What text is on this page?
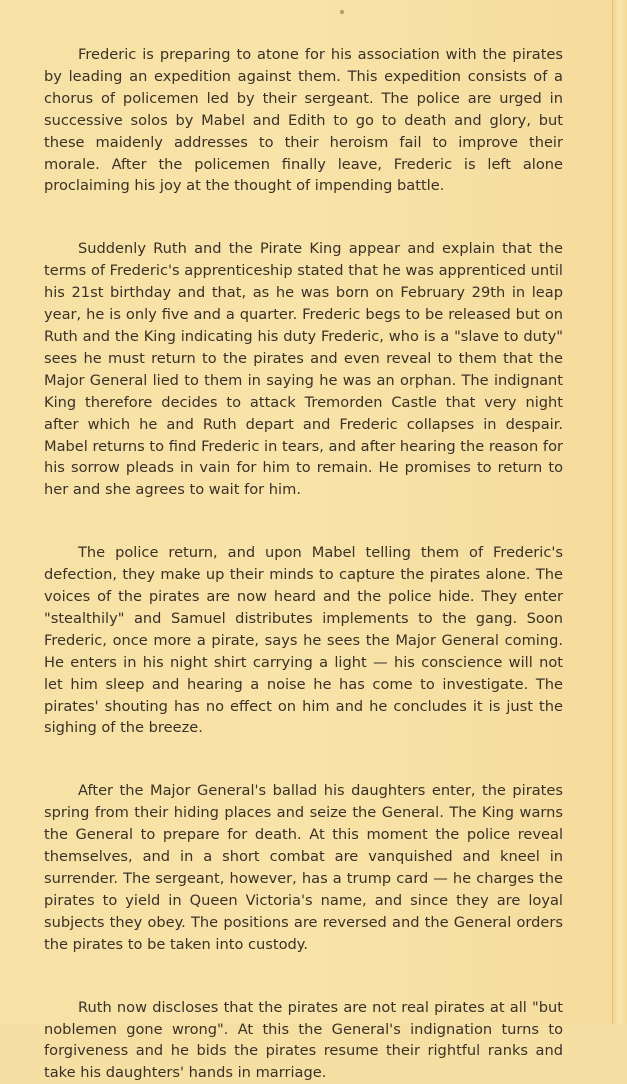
Frederic is preparing to atone for his association with the pirates by leading an expedition against them. This expedition consists of a chorus of policemen led by their sergeant. The police are urged in successive solos by Mabel and Edith to go to death and glory, but these maidenly addresses to their heroism fail to improve their morale. After the policemen finally leave, Frederic is left alone proclaiming his joy at the thought of impending battle.

Suddenly Ruth and the Pirate King appear and explain that the terms of Frederic's apprenticeship stated that he was apprenticed until his 21st birthday and that, as he was born on February 29th in leap year, he is only five and a quarter. Frederic begs to be released but on Ruth and the King indicating his duty Frederic, who is a "slave to duty" sees he must return to the pirates and even reveal to them that the Major General lied to them in saying he was an orphan. The indignant King therefore decides to attack Tremorden Castle that very night after which he and Ruth depart and Frederic collapses in despair. Mabel returns to find Frederic in tears, and after hearing the reason for his sorrow pleads in vain for him to remain. He promises to return to her and she agrees to wait for him.

The police return, and upon Mabel telling them of Frederic's defection, they make up their minds to capture the pirates alone. The voices of the pirates are now heard and the police hide. They enter "stealthily" and Samuel distributes implements to the gang. Soon Frederic, once more a pirate, says he sees the Major General coming. He enters in his night shirt carrying a light — his conscience will not let him sleep and hearing a noise he has come to investigate. The pirates' shouting has no effect on him and he concludes it is just the sighing of the breeze.

After the Major General's ballad his daughters enter, the pirates spring from their hiding places and seize the General. The King warns the General to prepare for death. At this moment the police reveal themselves, and in a short combat are vanquished and kneel in surrender. The sergeant, however, has a trump card — he charges the pirates to yield in Queen Victoria's name, and since they are loyal subjects they obey. The positions are reversed and the General orders the pirates to be taken into custody.

Ruth now discloses that the pirates are not real pirates at all "but noblemen gone wrong". At this the General's indignation turns to forgiveness and he bids the pirates resume their rightful ranks and take his daughters' hands in marriage.
